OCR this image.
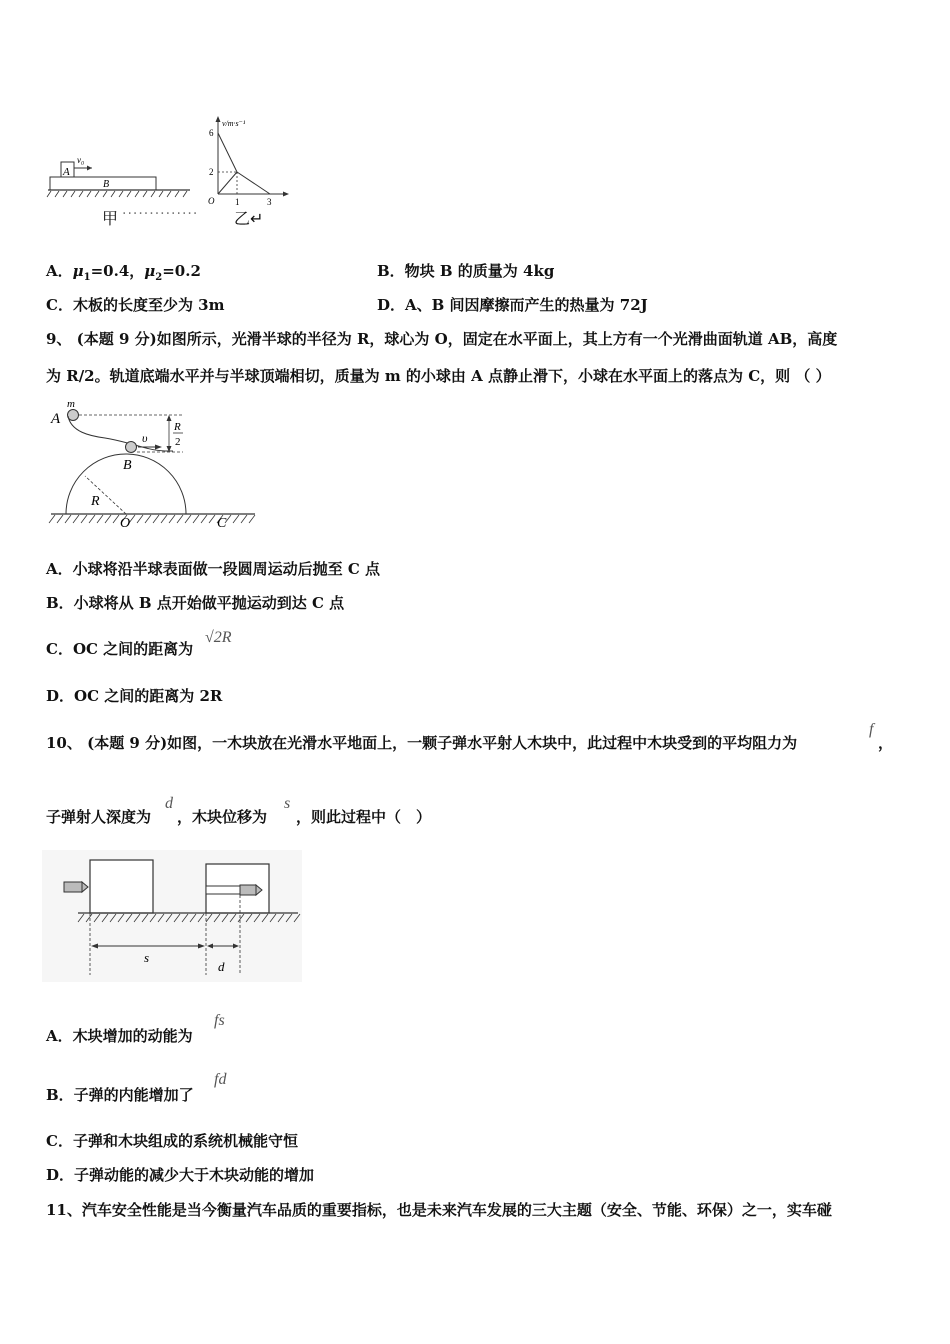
A
v₀
B
v/m·s⁻¹
6
2
O 1	3
甲 ·············· 乙↵
A．$\mu_1=0.4$，$\mu_2=0.2$	B．物块 B 的质量为 4kg
C．木板的长度至少为 3m	D．A、B 间因摩擦而产生的热量为 72J
9、 (本题 9 分)如图所示，光滑半球的半径为 R，球心为 O，固定在水平面上，其上方有一个光滑曲面轨道 AB，高度
为 R/2。轨道底端水平并与半球顶端相切，质量为 m 的小球由 A 点静止滑下，小球在水平面上的落点为 C，则 （ ）
A
m
B
υ
R
2
R
O	C
A．小球将沿半球表面做一段圆周运动后抛至 C 点
B．小球将从 B 点开始做平抛运动到达 C 点
C．OC 之间的距离为
√2R
D．OC 之间的距离为 2R
10、 (本题 9 分)如图，一木块放在光滑水平地面上，一颗子弹水平射人木块中，此过程中木块受到的平均阻力为
f
，
子弹射人深度为
d
，木块位移为
s
，则此过程中（　）
s
d
A．木块增加的动能为
fs
B．子弹的内能增加了
fd
C．子弹和木块组成的系统机械能守恒
D．子弹动能的减少大于木块动能的增加
11、汽车安全性能是当今衡量汽车品质的重要指标，也是未来汽车发展的三大主题（安全、节能、环保）之一，实车碰
